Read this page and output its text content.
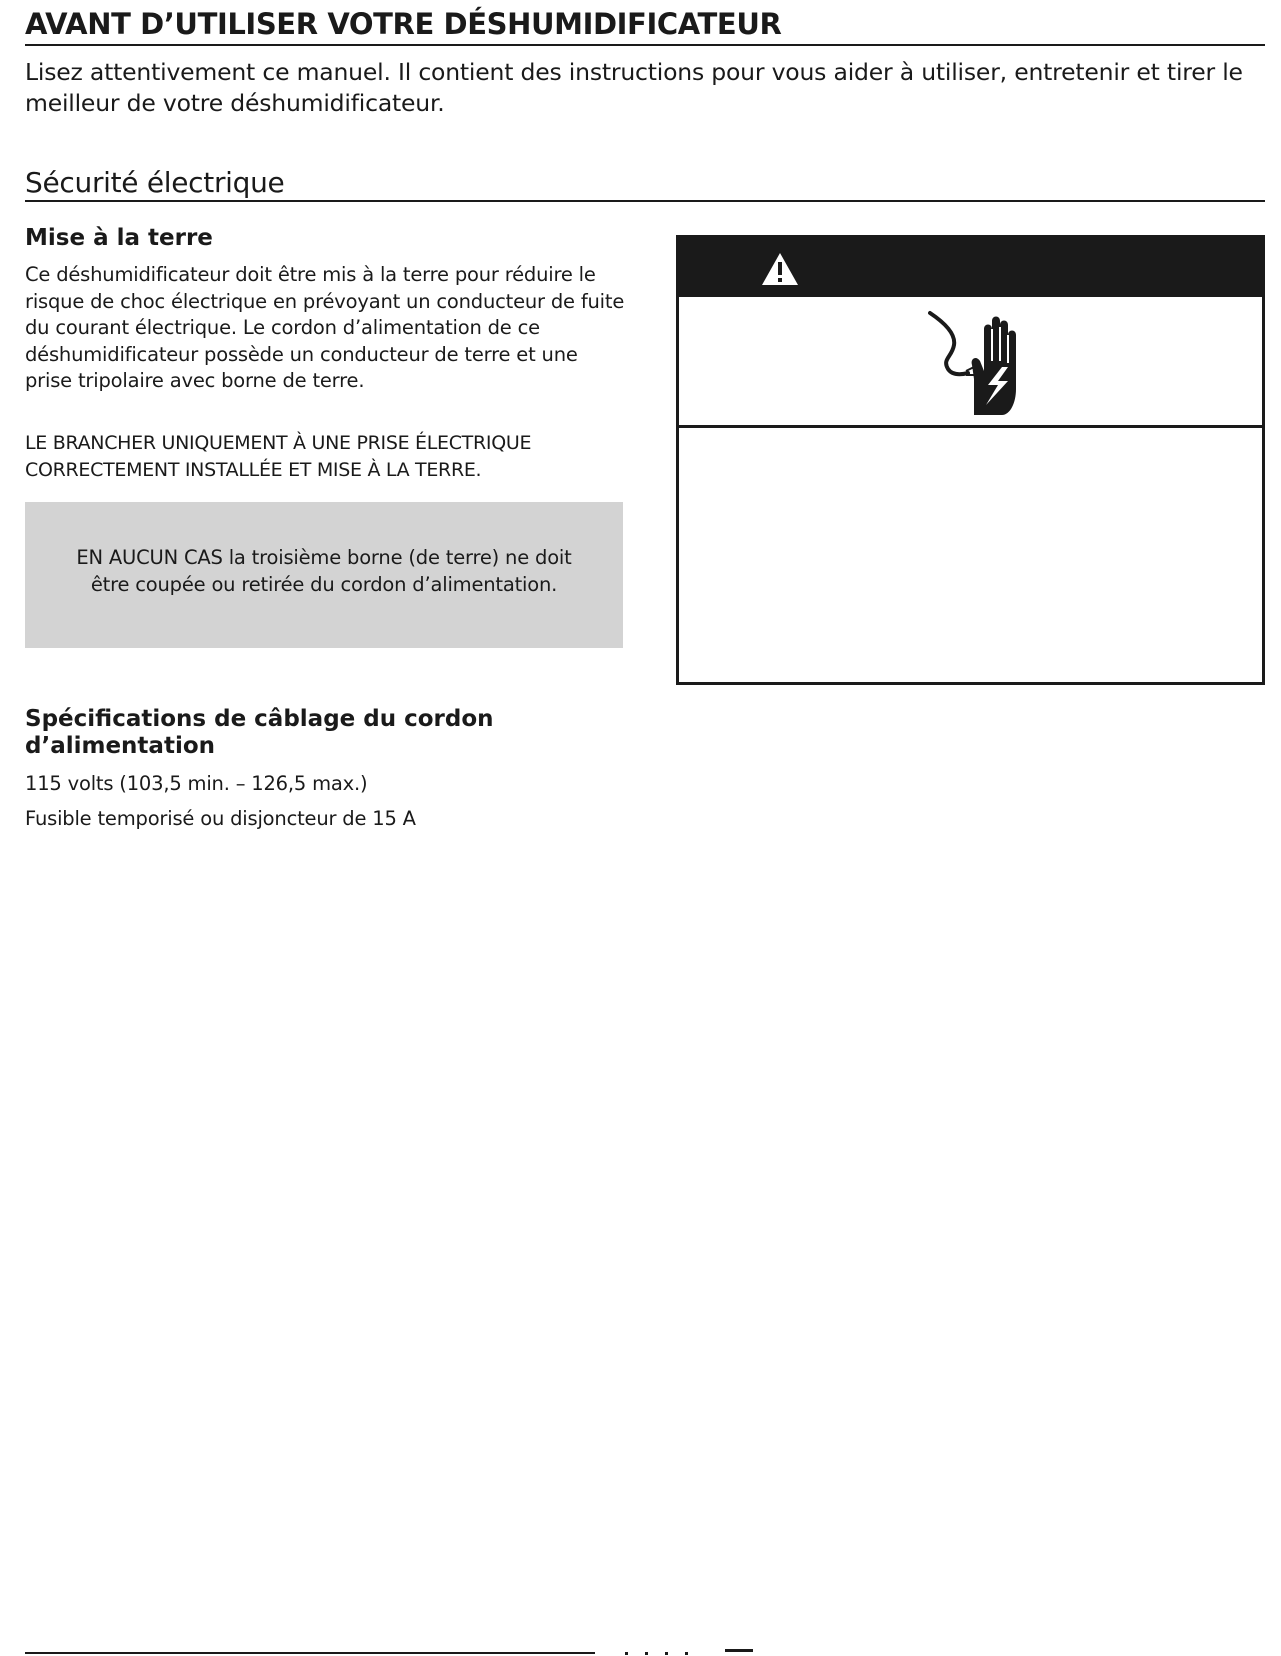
AVANT D’UTILISER VOTRE DÉSHUMIDIFICATEUR

Lisez attentivement ce manuel. Il contient des instructions pour vous aider à utiliser, entretenir et tirer le meilleur de votre déshumidificateur.

Sécurité électrique
Mise à la terre

Ce déshumidificateur doit être mis à la terre pour réduire le risque de choc électrique en prévoyant un conducteur de fuite du courant électrique. Le cordon d’alimentation de ce déshumidificateur possède un conducteur de terre et une prise tripolaire avec borne de terre.

LE BRANCHER UNIQUEMENT À UNE PRISE ÉLECTRIQUE
CORRECTEMENT INSTALLÉE ET MISE À LA TERRE.

EN AUCUN CAS la troisième borne (de terre) ne doit
être coupée ou retirée du cordon d’alimentation.
Spécifications de câblage du cordon d’alimentation

115 volts (103,5 min. – 126,5 max.)

Fusible temporisé ou disjoncteur de 15 A
